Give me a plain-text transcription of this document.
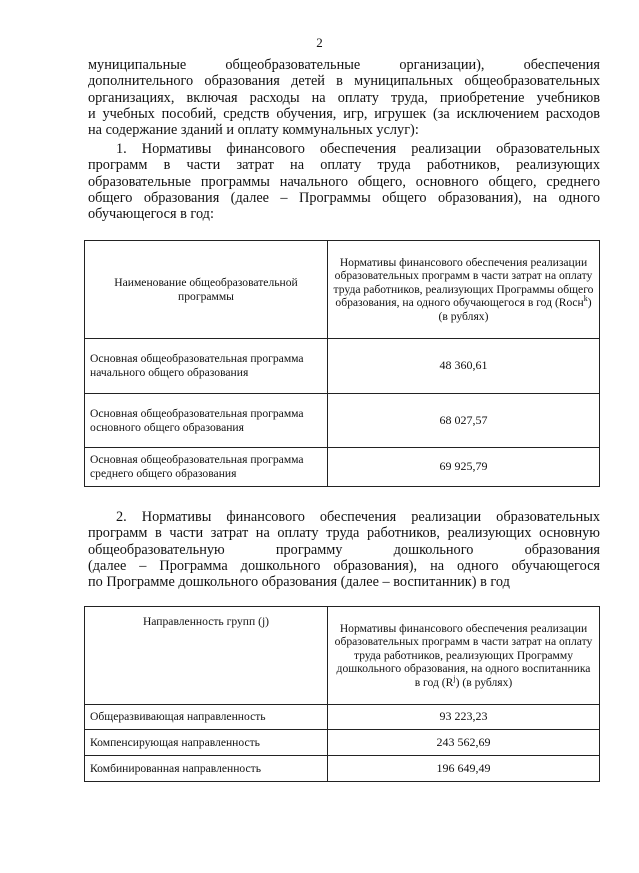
2
муниципальные общеобразовательные организации), обеспечения
дополнительного образования детей в муниципальных общеобразовательных
организациях, включая расходы на оплату труда, приобретение учебников
и учебных пособий, средств обучения, игр, игрушек (за исключением расходов
на содержание зданий и оплату коммунальных услуг):
1. Нормативы финансового обеспечения реализации образовательных
программ в части затрат на оплату труда работников, реализующих
образовательные программы начального общего, основного общего, среднего
общего образования (далее – Программы общего образования), на одного
обучающегося в год:
Наименование общеобразовательной программы	Нормативы финансового обеспечения реализации образовательных программ в части затрат на оплату труда работников, реализующих Программы общего образования, на одного обучающегося в год (Rocн$^k$) (в рублях)
Основная общеобразовательная программа начального общего образования	48 360,61
Основная общеобразовательная программа основного общего образования	68 027,57
Основная общеобразовательная программа среднего общего образования	69 925,79
2. Нормативы финансового обеспечения реализации образовательных
программ в части затрат на оплату труда работников, реализующих основную
общеобразовательную программу дошкольного образования
(далее – Программа дошкольного образования), на одного обучающегося
по Программе дошкольного образования (далее – воспитанник) в год
Направленность групп (j)	Нормативы финансового обеспечения реализации образовательных программ в части затрат на оплату труда работников, реализующих Программу дошкольного образования, на одного воспитанника в год $(R^j)$ (в рублях)
Общеразвивающая направленность	93 223,23
Компенсирующая направленность	243 562,69
Комбинированная направленность	196 649,49
